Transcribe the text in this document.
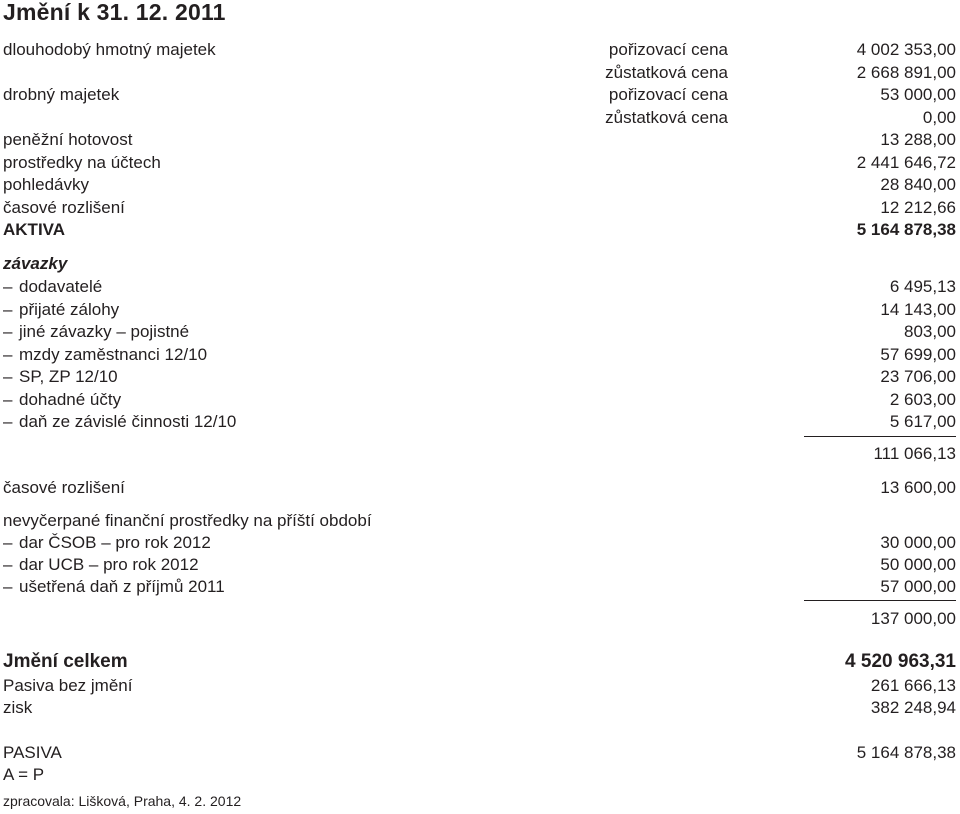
Jmění k 31. 12. 2011
dlouhodobý hmotný majetek	pořizovací cena	4 002 353,00
zůstatková cena	2 668 891,00
drobný majetek	pořizovací cena	53 000,00
zůstatková cena	0,00
peněžní hotovost	13 288,00
prostředky na účtech	2 441 646,72
pohledávky	28 840,00
časové rozlišení	12 212,66
AKTIVA	5 164 878,38
závazky
– dodavatelé	6 495,13
– přijaté zálohy	14 143,00
– jiné závazky – pojistné	803,00
– mzdy zaměstnanci 12/10	57 699,00
– SP, ZP 12/10	23 706,00
– dohadné účty	2 603,00
– daň ze závislé činnosti 12/10	5 617,00
111 066,13
časové rozlišení	13 600,00
nevyčerpané finanční prostředky na příští období
– dar ČSOB – pro rok 2012	30 000,00
– dar UCB – pro rok 2012	50 000,00
– ušetřená daň z příjmů 2011	57 000,00
137 000,00
Jmění celkem	4 520 963,31
Pasiva bez jmění	261 666,13
zisk	382 248,94
PASIVA	5 164 878,38
A = P
zpracovala: Lišková, Praha, 4. 2. 2012
